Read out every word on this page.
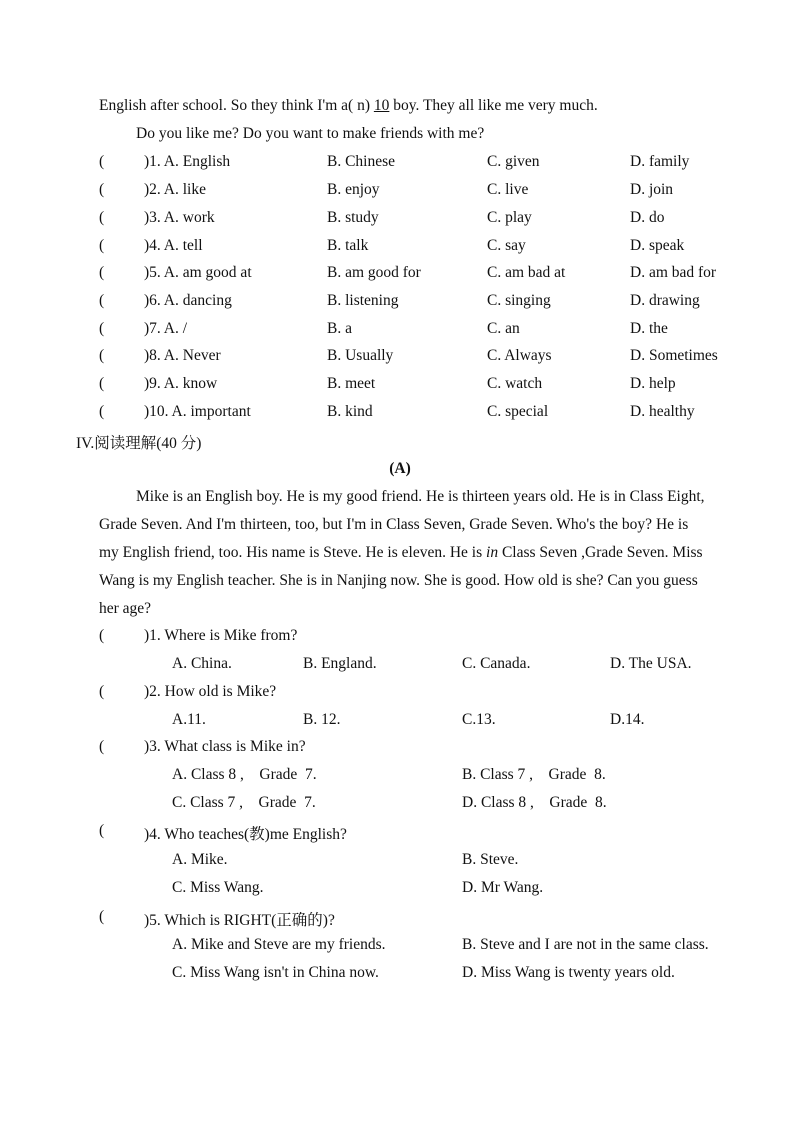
English after school. So they think I'm a( n) 10 boy. They all like me very much.
Do you like me? Do you want to make friends with me?
(	)1. A. English	B. Chinese	C. given	D. family
(	)2. A. like	B. enjoy	C. live	D. join
(	)3. A. work	B. study	C. play	D. do
(	)4. A. tell	B. talk	C. say	D. speak
(	)5. A. am good at	B. am good for	C. am bad at	D. am bad for
(	)6. A. dancing	B. listening	C. singing	D. drawing
(	)7. A. /	B. a	C. an	D. the
(	)8. A. Never	B. Usually	C. Always	D. Sometimes
(	)9. A. know	B. meet	C. watch	D. help
(	)10. A. important	B. kind	C. special	D. healthy
IV.阅读理解(40 分)
(A)
Mike is an English boy. He is my good friend. He is thirteen years old. He is in Class Eight,
Grade Seven. And I'm thirteen, too, but I'm in Class Seven, Grade Seven. Who's the boy? He is
my English friend, too. His name is Steve. He is eleven. He is in Class Seven ,Grade Seven. Miss
Wang is my English teacher. She is in Nanjing now. She is good. How old is she? Can you guess
her age?
(	)1. Where is Mike from?
A. China.	B. England.	C. Canada.	D. The USA.
(	)2. How old is Mike?
A.11.	B. 12.	C.13.	D.14.
(	)3. What class is Mike in?
A. Class 8 ,    Grade  7.	B. Class 7 ,    Grade  8.
C. Class 7 ,    Grade  7.	D. Class 8 ,    Grade  8.
(	)4. Who teaches(教)me English?
A. Mike.	B. Steve.
C. Miss Wang.	D. Mr Wang.
(	)5. Which is RIGHT(正确的)?
A. Mike and Steve are my friends.	B. Steve and I are not in the same class.
C. Miss Wang isn't in China now.	D. Miss Wang is twenty years old.
